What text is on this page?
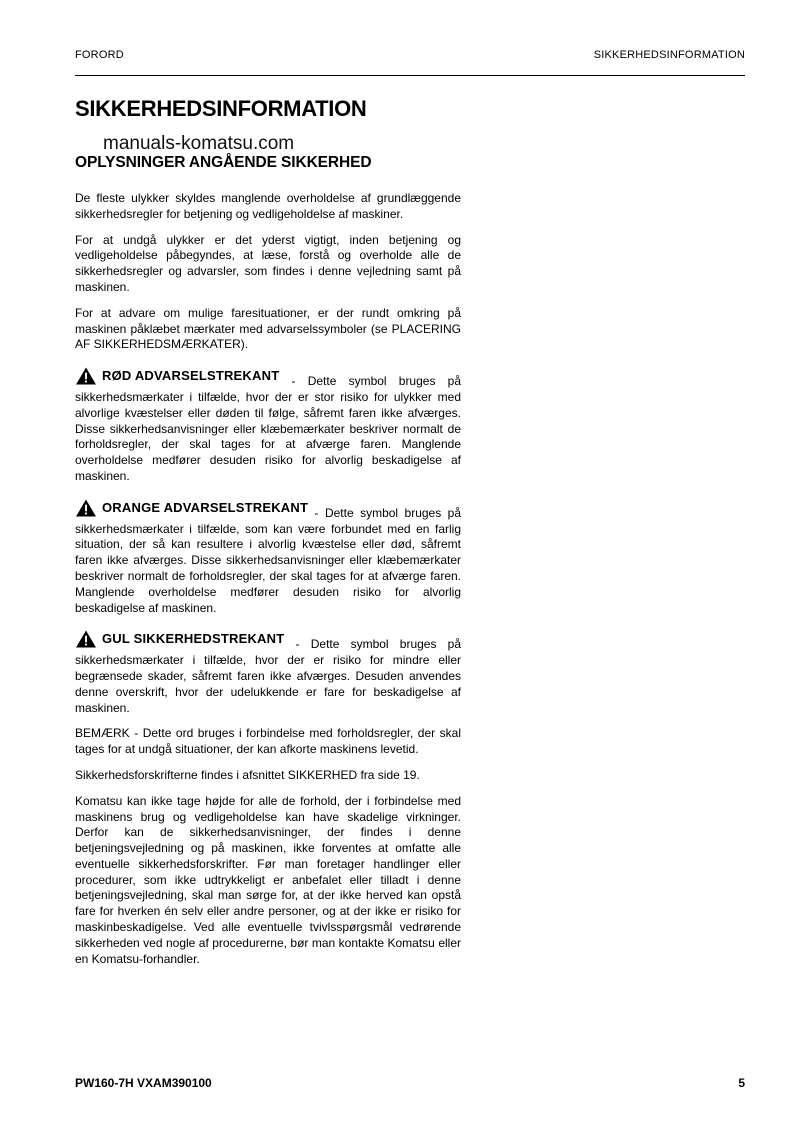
FORORD	SIKKERHEDSINFORMATION
SIKKERHEDSINFORMATION
manuals-komatsu.com
OPLYSNINGER ANGÅENDE SIKKERHED

De fleste ulykker skyldes manglende overholdelse af grundlæggende sikkerhedsregler for betjening og vedligeholdelse af maskiner.

For at undgå ulykker er det yderst vigtigt, inden betjening og vedligeholdelse påbegyndes, at læse, forstå og overholde alle de sikkerhedsregler og advarsler, som findes i denne vejledning samt på maskinen.

For at advare om mulige faresituationer, er der rundt omkring på maskinen påklæbet mærkater med advarselssymboler (se PLACERING AF SIKKERHEDSMÆRKATER).

RØD ADVARSELSTREKANT - Dette symbol bruges på sikkerhedsmærkater i tilfælde, hvor der er stor risiko for ulykker med alvorlige kvæstelser eller døden til følge, såfremt faren ikke afværges. Disse sikkerhedsanvisninger eller klæbemærkater beskriver normalt de forholdsregler, der skal tages for at afværge faren. Manglende overholdelse medfører desuden risiko for alvorlig beskadigelse af maskinen.

ORANGE ADVARSELSTREKANT - Dette symbol bruges på sikkerhedsmærkater i tilfælde, som kan være forbundet med en farlig situation, der så kan resultere i alvorlig kvæstelse eller død, såfremt faren ikke afværges. Disse sikkerhedsanvisninger eller klæbemærkater beskriver normalt de forholdsregler, der skal tages for at afværge faren. Manglende overholdelse medfører desuden risiko for alvorlig beskadigelse af maskinen.

GUL SIKKERHEDSTREKANT - Dette symbol bruges på sikkerhedsmærkater i tilfælde, hvor der er risiko for mindre eller begrænsede skader, såfremt faren ikke afværges. Desuden anvendes denne overskrift, hvor der udelukkende er fare for beskadigelse af maskinen.

BEMÆRK - Dette ord bruges i forbindelse med forholdsregler, der skal tages for at undgå situationer, der kan afkorte maskinens levetid.

Sikkerhedsforskrifterne findes i afsnittet SIKKERHED fra side 19.

Komatsu kan ikke tage højde for alle de forhold, der i forbindelse med maskinens brug og vedligeholdelse kan have skadelige virkninger. Derfor kan de sikkerhedsanvisninger, der findes i denne betjeningsvejledning og på maskinen, ikke forventes at omfatte alle eventuelle sikkerhedsforskrifter. Før man foretager handlinger eller procedurer, som ikke udtrykkeligt er anbefalet eller tilladt i denne betjeningsvejledning, skal man sørge for, at der ikke herved kan opstå fare for hverken én selv eller andre personer, og at der ikke er risiko for maskinbeskadigelse. Ved alle eventuelle tvivlsspørgsmål vedrørende sikkerheden ved nogle af procedurerne, bør man kontakte Komatsu eller en Komatsu-forhandler.

PW160-7H VXAM390100	5
